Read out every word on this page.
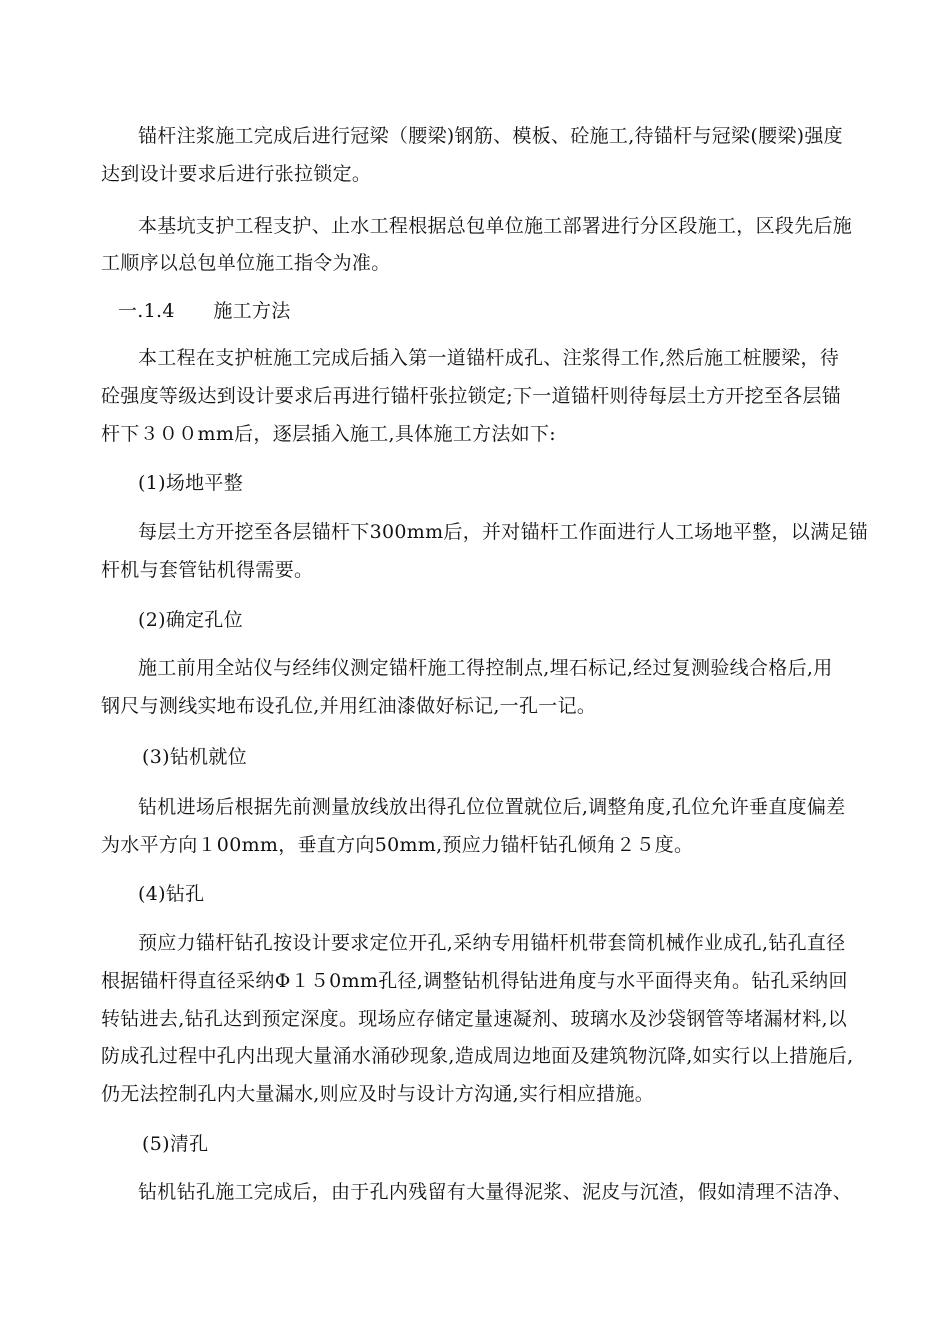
锚杆注浆施工完成后进行冠梁（腰梁)钢筋、模板、砼施工,待锚杆与冠梁(腰梁)强度
达到设计要求后进行张拉锁定。
本基坑支护工程支护、止水工程根据总包单位施工部署进行分区段施工，区段先后施
工顺序以总包单位施工指令为准。
一.1.4　　施工方法
本工程在支护桩施工完成后插入第一道锚杆成孔、注浆得工作,然后施工桩腰梁，待
砼强度等级达到设计要求后再进行锚杆张拉锁定;下一道锚杆则待每层土方开挖至各层锚
杆下３００mm后，逐层插入施工,具体施工方法如下:
(1)场地平整
每层土方开挖至各层锚杆下300mm后，并对锚杆工作面进行人工场地平整，以满足锚
杆机与套管钻机得需要。
(2)确定孔位
施工前用全站仪与经纬仪测定锚杆施工得控制点,埋石标记,经过复测验线合格后,用
钢尺与测线实地布设孔位,并用红油漆做好标记,一孔一记。
(3)钻机就位
钻机进场后根据先前测量放线放出得孔位位置就位后,调整角度,孔位允许垂直度偏差
为水平方向１00mm，垂直方向50mm,预应力锚杆钻孔倾角２５度。
(4)钻孔
预应力锚杆钻孔按设计要求定位开孔,采纳专用锚杆机带套筒机械作业成孔,钻孔直径
根据锚杆得直径采纳Φ１５0mm孔径,调整钻机得钻进角度与水平面得夹角。钻孔采纳回
转钻进去,钻孔达到预定深度。现场应存储定量速凝剂、玻璃水及沙袋钢管等堵漏材料,以
防成孔过程中孔内出现大量涌水涌砂现象,造成周边地面及建筑物沉降,如实行以上措施后,
仍无法控制孔内大量漏水,则应及时与设计方沟通,实行相应措施。
(5)清孔
钻机钻孔施工完成后，由于孔内残留有大量得泥浆、泥皮与沉渣，假如清理不洁净、
